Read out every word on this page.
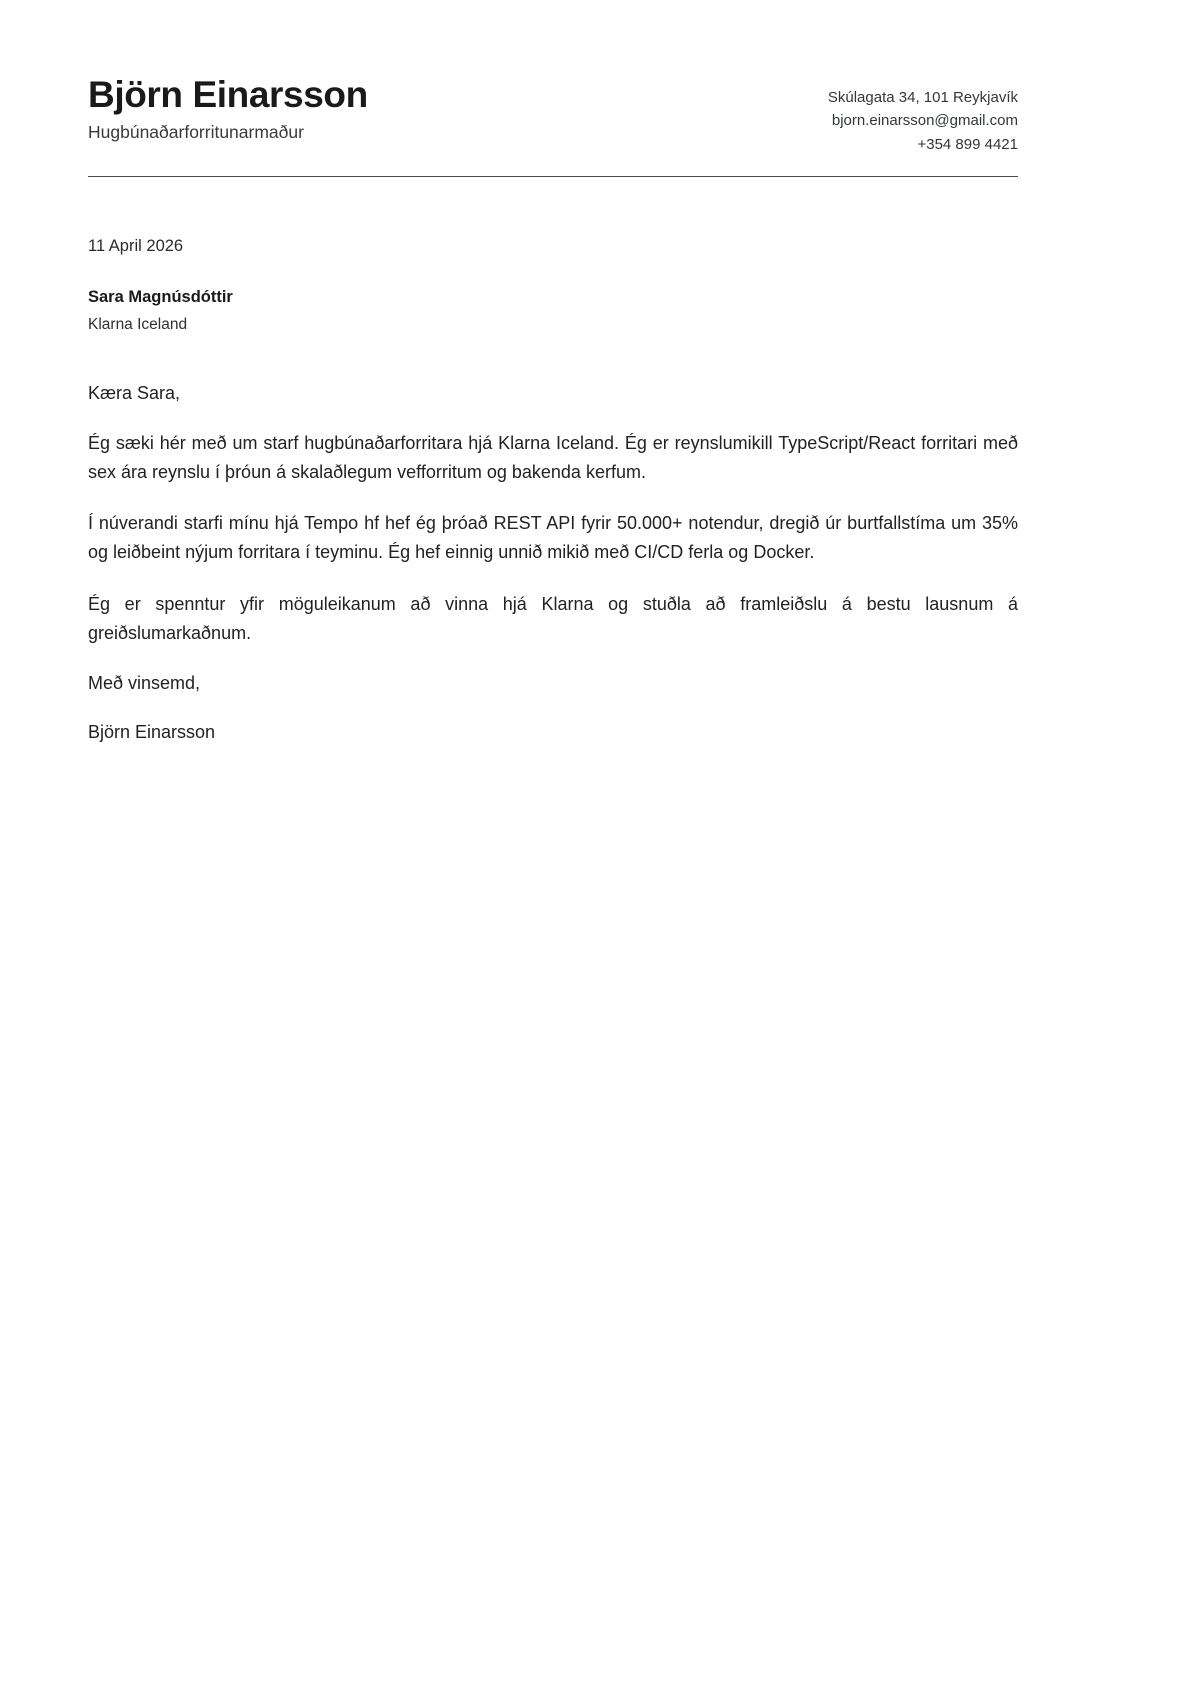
Björn Einarsson
Hugbúnaðarforritunarmaður
Skúlagata 34, 101 Reykjavík
bjorn.einarsson@gmail.com
+354 899 4421
11 April 2026
Sara Magnúsdóttir
Klarna Iceland

Kæra Sara,

Ég sæki hér með um starf hugbúnaðarforritara hjá Klarna Iceland. Ég er reynslumikill TypeScript/React forritari með sex ára reynslu í þróun á skalaðlegum vefforritum og bakenda kerfum.

Í núverandi starfi mínu hjá Tempo hf hef ég þróað REST API fyrir 50.000+ notendur, dregið úr burtfallstíma um 35% og leiðbeint nýjum forritara í teyminu. Ég hef einnig unnið mikið með CI/CD ferla og Docker.

Ég er spenntur yfir möguleikanum að vinna hjá Klarna og stuðla að framleiðslu á bestu lausnum á greiðslumarkaðnum.

Með vinsemd,

Björn Einarsson
